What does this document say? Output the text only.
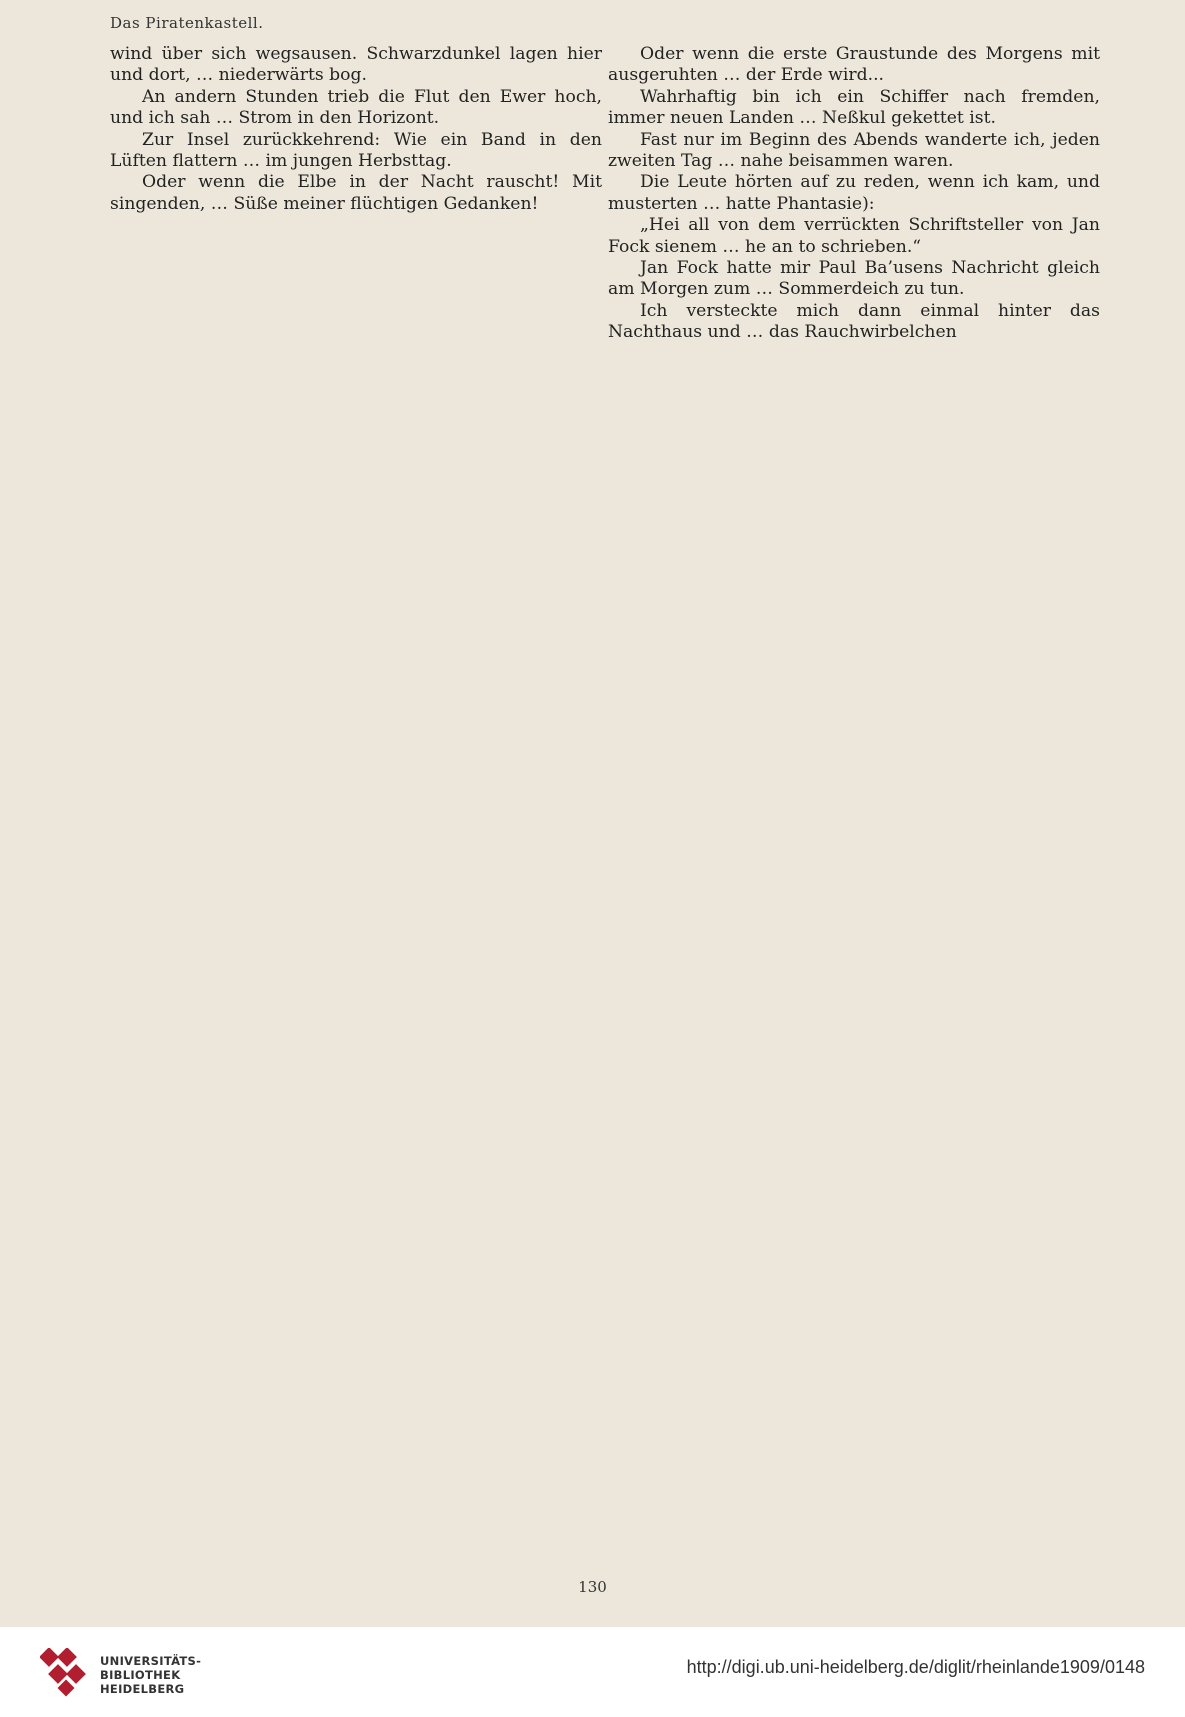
Das Piratenkastell.

wind über sich wegsausen. Schwarzdunkel lagen hier und dort, … niederwärts bog.

An andern Stunden trieb die Flut den Ewer hoch, und ich sah … Strom in den Horizont.

Zur Insel zurückkehrend: Wie ein Band in den Lüften flattern … im jungen Herbsttag.

Oder wenn die Elbe in der Nacht rauscht! Mit singenden, … Süße meiner flüchtigen Gedanken!

Oder wenn die erste Graustunde des Morgens mit ausgeruhten … der Erde wird...

Wahrhaftig bin ich ein Schiffer nach fremden, immer neuen Landen … Neßkul gekettet ist.

Fast nur im Beginn des Abends wanderte ich, jeden zweiten Tag … nahe beisammen waren.

Die Leute hörten auf zu reden, wenn ich kam, und musterten … hatte Phantasie):

„Hei all von dem verrückten Schriftsteller von Jan Fock sienem … he an to schrieben.“

Jan Fock hatte mir Paul Ba’usens Nachricht gleich am Morgen zum … Sommerdeich zu tun.

Ich versteckte mich dann einmal hinter das Nachthaus und … das Rauchwirbelchen

130
UNIVERSITÄTS-
BIBLIOTHEK
HEIDELBERG
http://digi.ub.uni-heidelberg.de/diglit/rheinlande1909/0148
